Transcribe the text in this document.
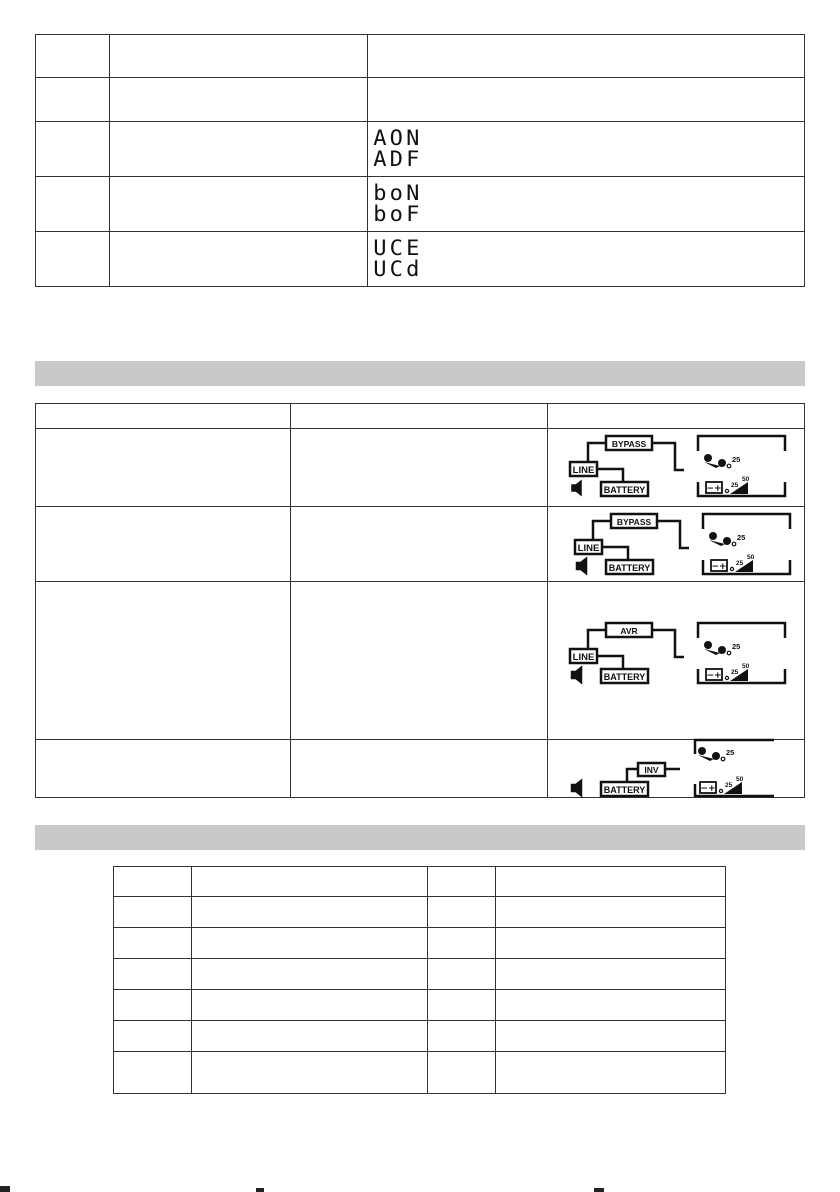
		AON
ADF

		boN
boF

		UCE
UCd

BYPASS
LINE
BATTERY
25
−+ 25
50
BYPASS
LINE
BATTERY
25
−+ 25
50
AVR
LINE
BATTERY
25
−+ 25
50
INV
BATTERY
25
−+ 25
50
